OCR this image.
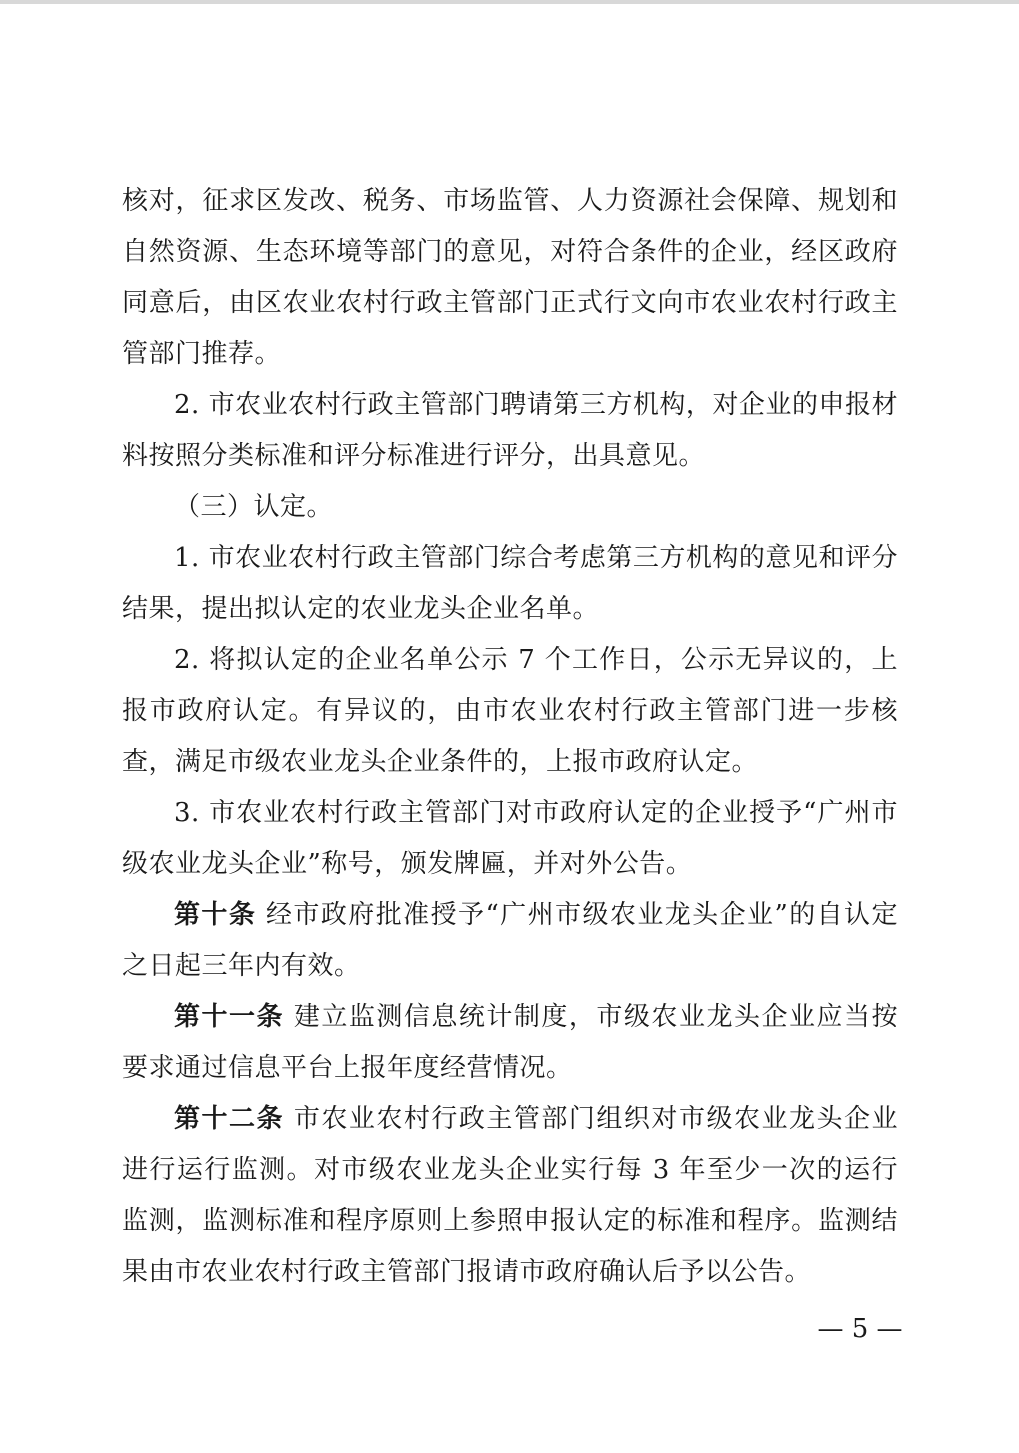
核对，征求区发改、税务、市场监管、人力资源社会保障、规划和自然资源、生态环境等部门的意见，对符合条件的企业，经区政府同意后，由区农业农村行政主管部门正式行文向市农业农村行政主管部门推荐。

2. 市农业农村行政主管部门聘请第三方机构，对企业的申报材料按照分类标准和评分标准进行评分，出具意见。

（三）认定。

1. 市农业农村行政主管部门综合考虑第三方机构的意见和评分结果，提出拟认定的农业龙头企业名单。

2. 将拟认定的企业名单公示 7 个工作日，公示无异议的，上报市政府认定。有异议的，由市农业农村行政主管部门进一步核查，满足市级农业龙头企业条件的，上报市政府认定。

3. 市农业农村行政主管部门对市政府认定的企业授予“广州市级农业龙头企业”称号，颁发牌匾，并对外公告。

第十条 经市政府批准授予“广州市级农业龙头企业”的自认定之日起三年内有效。

第十一条 建立监测信息统计制度，市级农业龙头企业应当按要求通过信息平台上报年度经营情况。

第十二条 市农业农村行政主管部门组织对市级农业龙头企业进行运行监测。对市级农业龙头企业实行每 3 年至少一次的运行监测，监测标准和程序原则上参照申报认定的标准和程序。监测结果由市农业农村行政主管部门报请市政府确认后予以公告。

— 5 —
